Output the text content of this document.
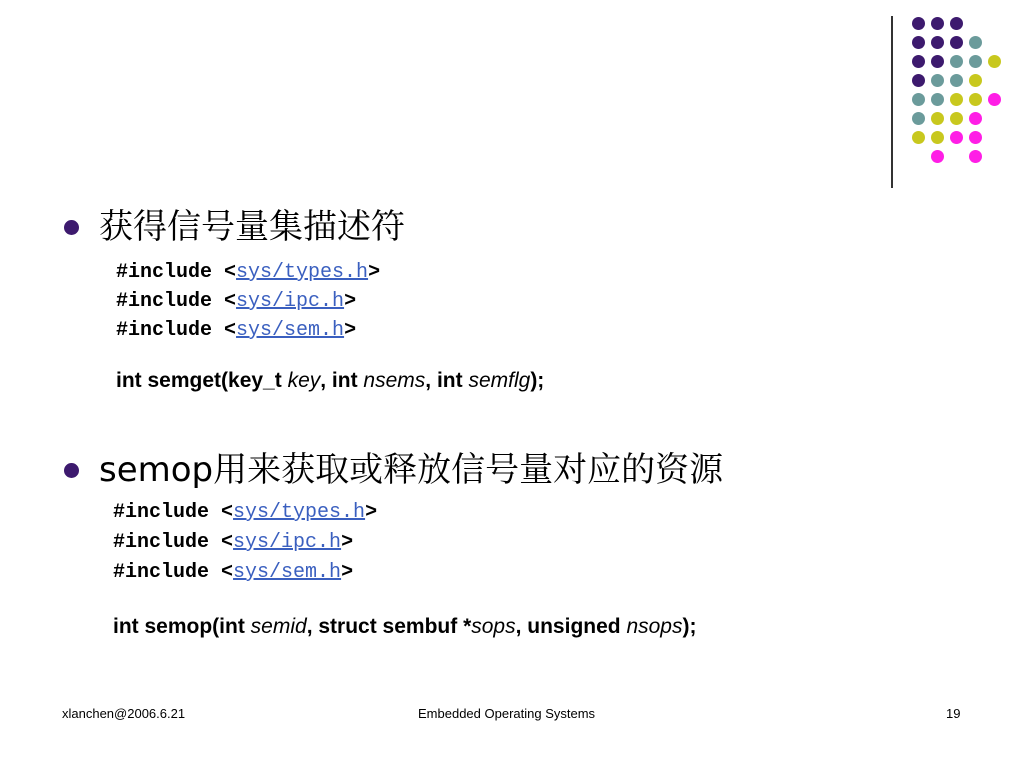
获得信号量集描述符
#include <sys/types.h>
#include <sys/ipc.h>
#include <sys/sem.h>
int semget(key_t key, int nsems, int semflg);
semop用来获取或释放信号量对应的资源
#include <sys/types.h>
#include <sys/ipc.h>
#include <sys/sem.h>
int semop(int semid, struct sembuf *sops, unsigned nsops);
xlanchen@2006.6.21	Embedded Operating Systems	19
